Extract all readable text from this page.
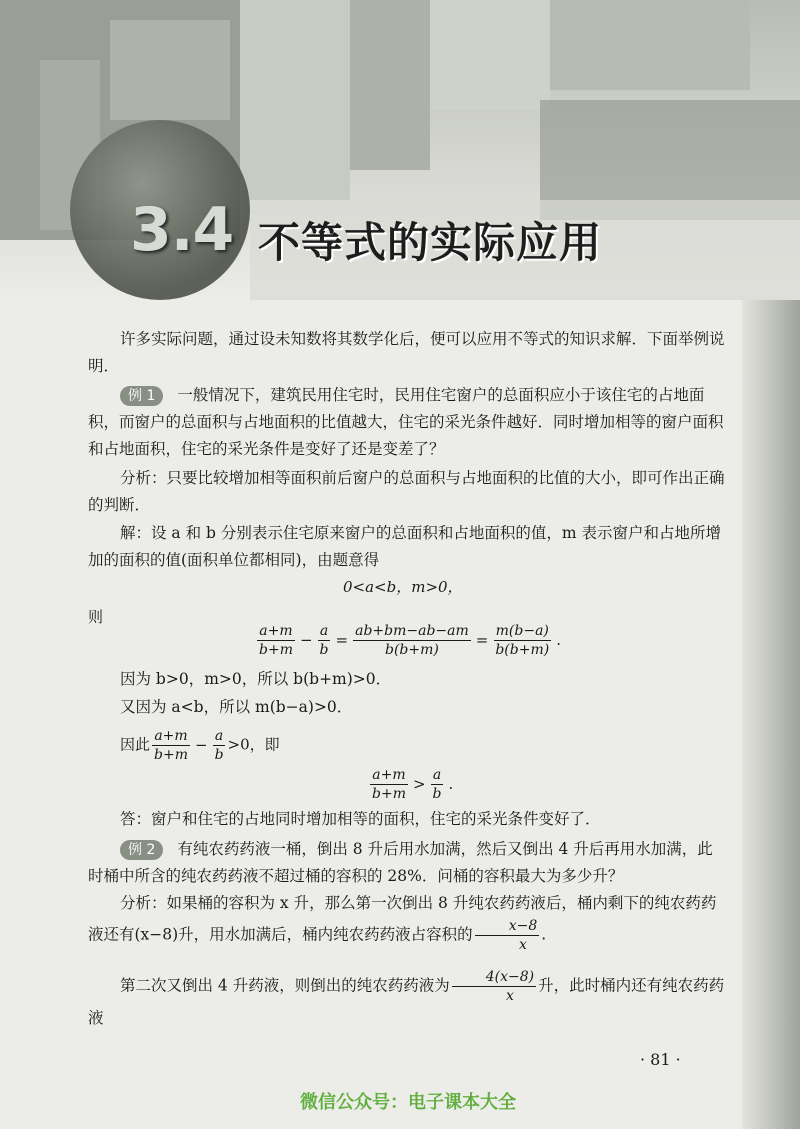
3.4 不等式的实际应用

许多实际问题，通过设未知数将其数学化后，便可以应用不等式的知识求解．下面举例说明．

例 1 一般情况下，建筑民用住宅时，民用住宅窗户的总面积应小于该住宅的占地面积，而窗户的总面积与占地面积的比值越大，住宅的采光条件越好．同时增加相等的窗户面积和占地面积，住宅的采光条件是变好了还是变差了？

分析：只要比较增加相等面积前后窗户的总面积与占地面积的比值的大小，即可作出正确的判断．

解：设 a 和 b 分别表示住宅原来窗户的总面积和占地面积的值，m 表示窗户和占地所增加的面积的值(面积单位都相同)，由题意得

0<a<b，m>0，
则
$\frac{a+m}{b+m} - \frac{a}{b} = \frac{ab+bm-ab-am}{b(b+m)} = \frac{m(b-a)}{b(b+m)}$ .

因为 b>0，m>0，所以 b(b+m)>0．

又因为 a<b，所以 m(b−a)>0．

因此 $\frac{a+m}{b+m} - \frac{a}{b} >0$，即
$\frac{a+m}{b+m} > \frac{a}{b}$ .

答：窗户和住宅的占地同时增加相等的面积，住宅的采光条件变好了．

例 2 有纯农药药液一桶，倒出 8 升后用水加满，然后又倒出 4 升后再用水加满，此时桶中所含的纯农药药液不超过桶的容积的 28%．问桶的容积最大为多少升？

分析：如果桶的容积为 x 升，那么第一次倒出 8 升纯农药药液后，桶内剩下的纯农药药液还有(x−8)升，用水加满后，桶内纯农药药液占容积的 $\frac{x-8}{x}$ .

第二次又倒出 4 升药液，则倒出的纯农药药液为 $\frac{4(x-8)}{x}$ 升，此时桶内还有纯农药药液

· 81 ·
微信公众号：电子课本大全
